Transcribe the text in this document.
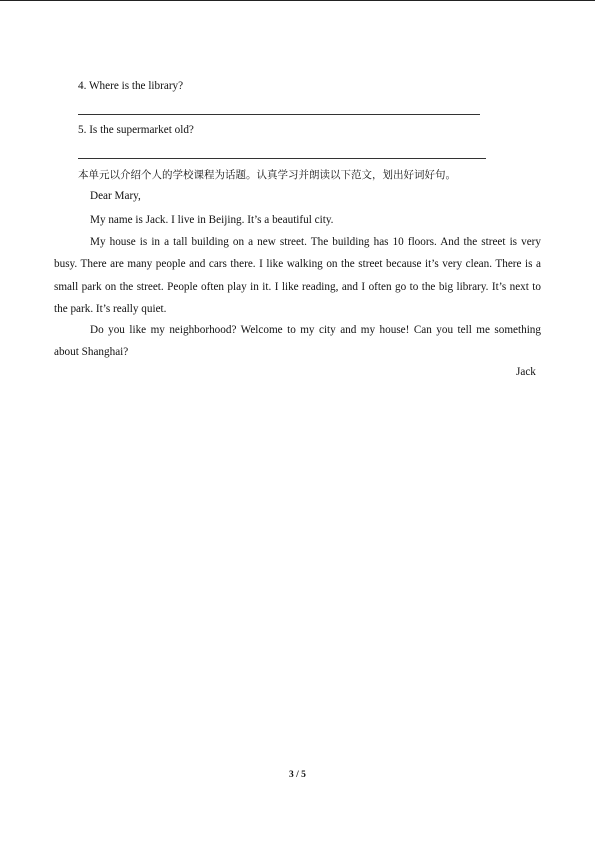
4. Where is the library?
5. Is the supermarket old?
本单元以介绍个人的学校课程为话题。认真学习并朗读以下范文，划出好词好句。
Dear Mary,
My name is Jack. I live in Beijing. It’s a beautiful city.
My house is in a tall building on a new street. The building has 10 floors. And the street is very busy. There are many people and cars there. I like walking on the street because it’s very clean. There is a small park on the street. People often play in it. I like reading, and I often go to the big library. It’s next to the park. It’s really quiet.
Do you like my neighborhood? Welcome to my city and my house! Can you tell me something about Shanghai?
Jack
3 / 5
